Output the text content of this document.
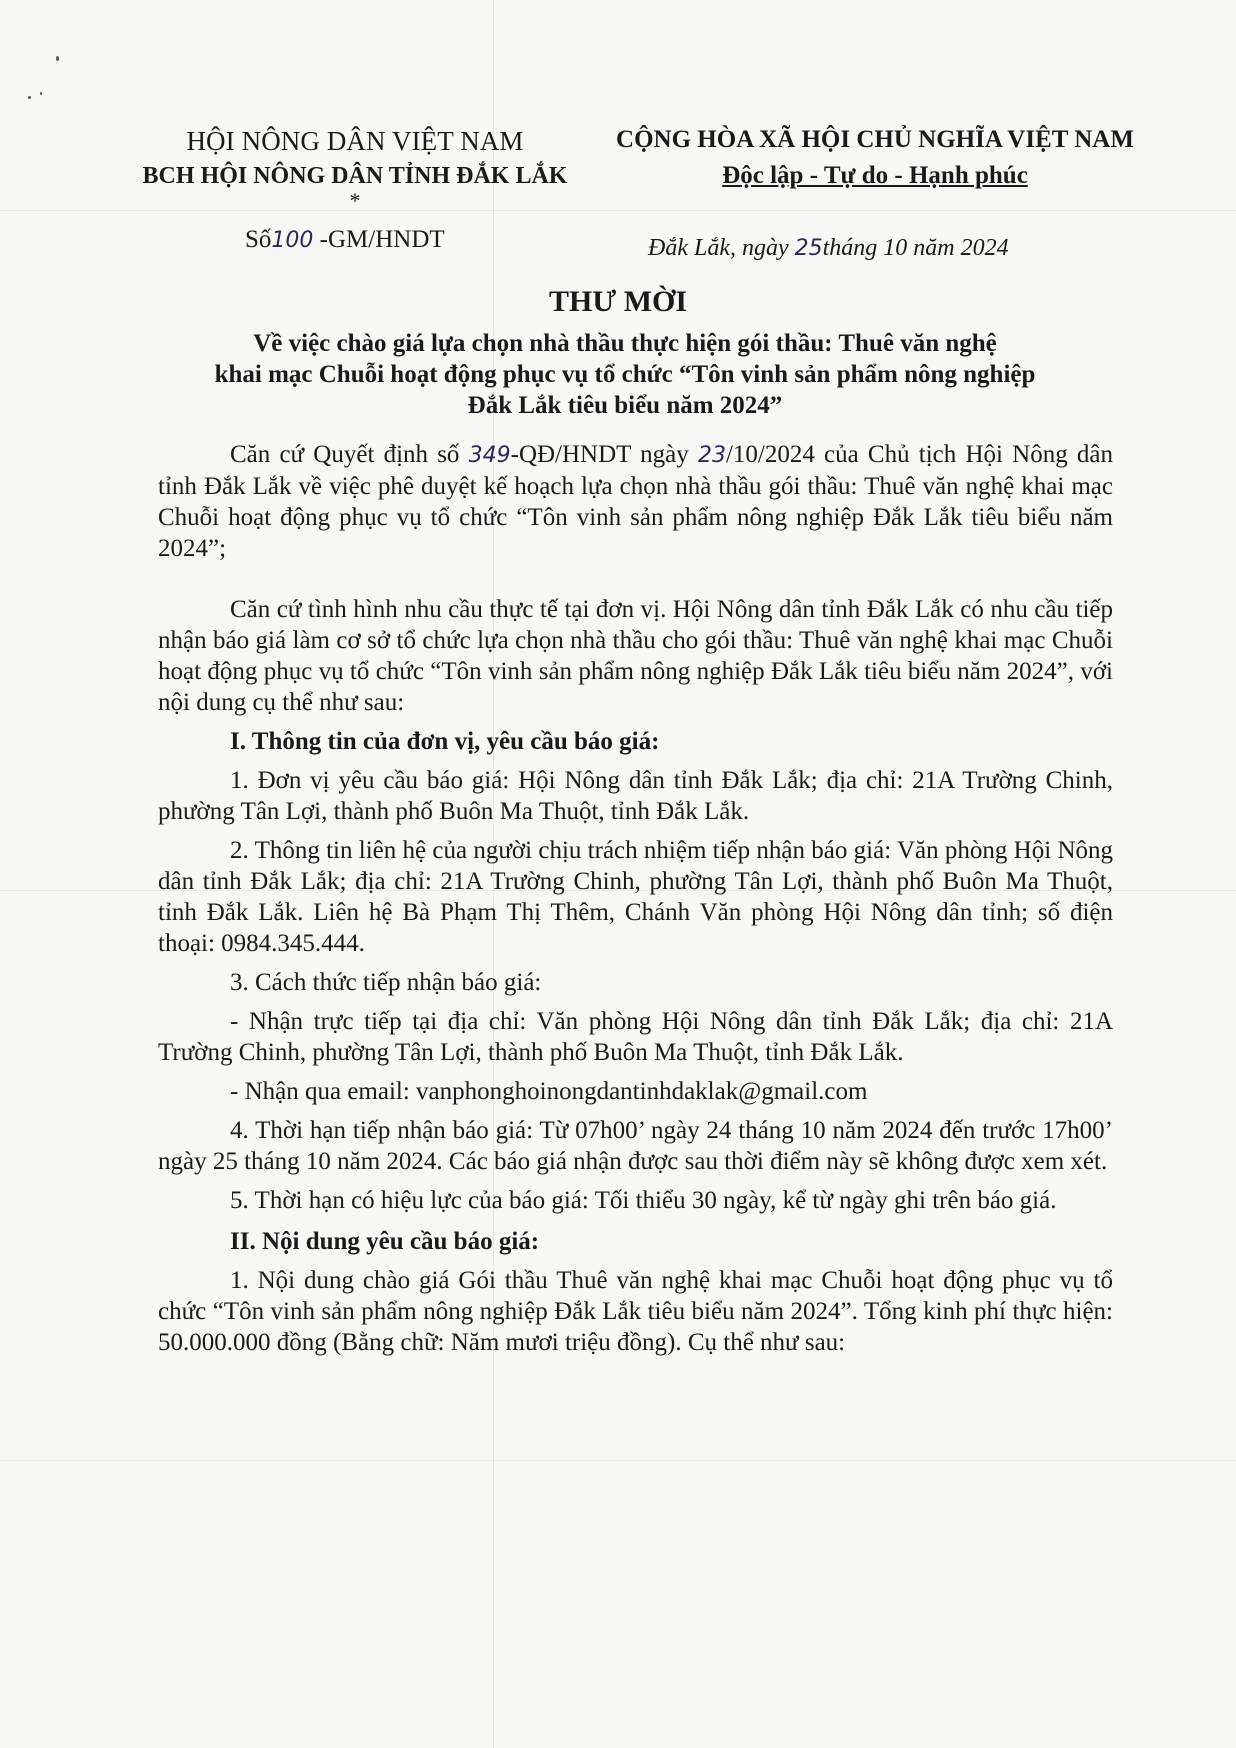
HỘI NÔNG DÂN VIỆT NAM
BCH HỘI NÔNG DÂN TỈNH ĐẮK LẮK
*
CỘNG HÒA XÃ HỘI CHỦ NGHĨA VIỆT NAM
Độc lập - Tự do - Hạnh phúc
Số100 -GM/HNDT	Đắk Lắk, ngày 25tháng 10 năm 2024
THƯ MỜI
Về việc chào giá lựa chọn nhà thầu thực hiện gói thầu: Thuê văn nghệ
khai mạc Chuỗi hoạt động phục vụ tổ chức “Tôn vinh sản phẩm nông nghiệp
Đắk Lắk tiêu biểu năm 2024”

Căn cứ Quyết định số 349-QĐ/HNDT ngày 23/10/2024 của Chủ tịch Hội Nông dân tỉnh Đắk Lắk về việc phê duyệt kế hoạch lựa chọn nhà thầu gói thầu: Thuê văn nghệ khai mạc Chuỗi hoạt động phục vụ tổ chức “Tôn vinh sản phẩm nông nghiệp Đắk Lắk tiêu biểu năm 2024”;

Căn cứ tình hình nhu cầu thực tế tại đơn vị. Hội Nông dân tỉnh Đắk Lắk có nhu cầu tiếp nhận báo giá làm cơ sở tổ chức lựa chọn nhà thầu cho gói thầu: Thuê văn nghệ khai mạc Chuỗi hoạt động phục vụ tổ chức “Tôn vinh sản phẩm nông nghiệp Đắk Lắk tiêu biểu năm 2024”, với nội dung cụ thể như sau:

I. Thông tin của đơn vị, yêu cầu báo giá:

1. Đơn vị yêu cầu báo giá: Hội Nông dân tỉnh Đắk Lắk; địa chỉ: 21A Trường Chinh, phường Tân Lợi, thành phố Buôn Ma Thuột, tỉnh Đắk Lắk.

2. Thông tin liên hệ của người chịu trách nhiệm tiếp nhận báo giá: Văn phòng Hội Nông dân tỉnh Đắk Lắk; địa chỉ: 21A Trường Chinh, phường Tân Lợi, thành phố Buôn Ma Thuột, tỉnh Đắk Lắk. Liên hệ Bà Phạm Thị Thêm, Chánh Văn phòng Hội Nông dân tỉnh; số điện thoại: 0984.345.444.

3. Cách thức tiếp nhận báo giá:

- Nhận trực tiếp tại địa chỉ: Văn phòng Hội Nông dân tỉnh Đắk Lắk; địa chỉ: 21A Trường Chinh, phường Tân Lợi, thành phố Buôn Ma Thuột, tỉnh Đắk Lắk.

- Nhận qua email: vanphonghoinongdantinhdaklak@gmail.com

4. Thời hạn tiếp nhận báo giá: Từ 07h00’ ngày 24 tháng 10 năm 2024 đến trước 17h00’ ngày 25 tháng 10 năm 2024. Các báo giá nhận được sau thời điểm này sẽ không được xem xét.

5. Thời hạn có hiệu lực của báo giá: Tối thiểu 30 ngày, kể từ ngày ghi trên báo giá.

II. Nội dung yêu cầu báo giá:

1. Nội dung chào giá Gói thầu Thuê văn nghệ khai mạc Chuỗi hoạt động phục vụ tổ chức “Tôn vinh sản phẩm nông nghiệp Đắk Lắk tiêu biểu năm 2024”. Tổng kinh phí thực hiện: 50.000.000 đồng (Bằng chữ: Năm mươi triệu đồng). Cụ thể như sau:
